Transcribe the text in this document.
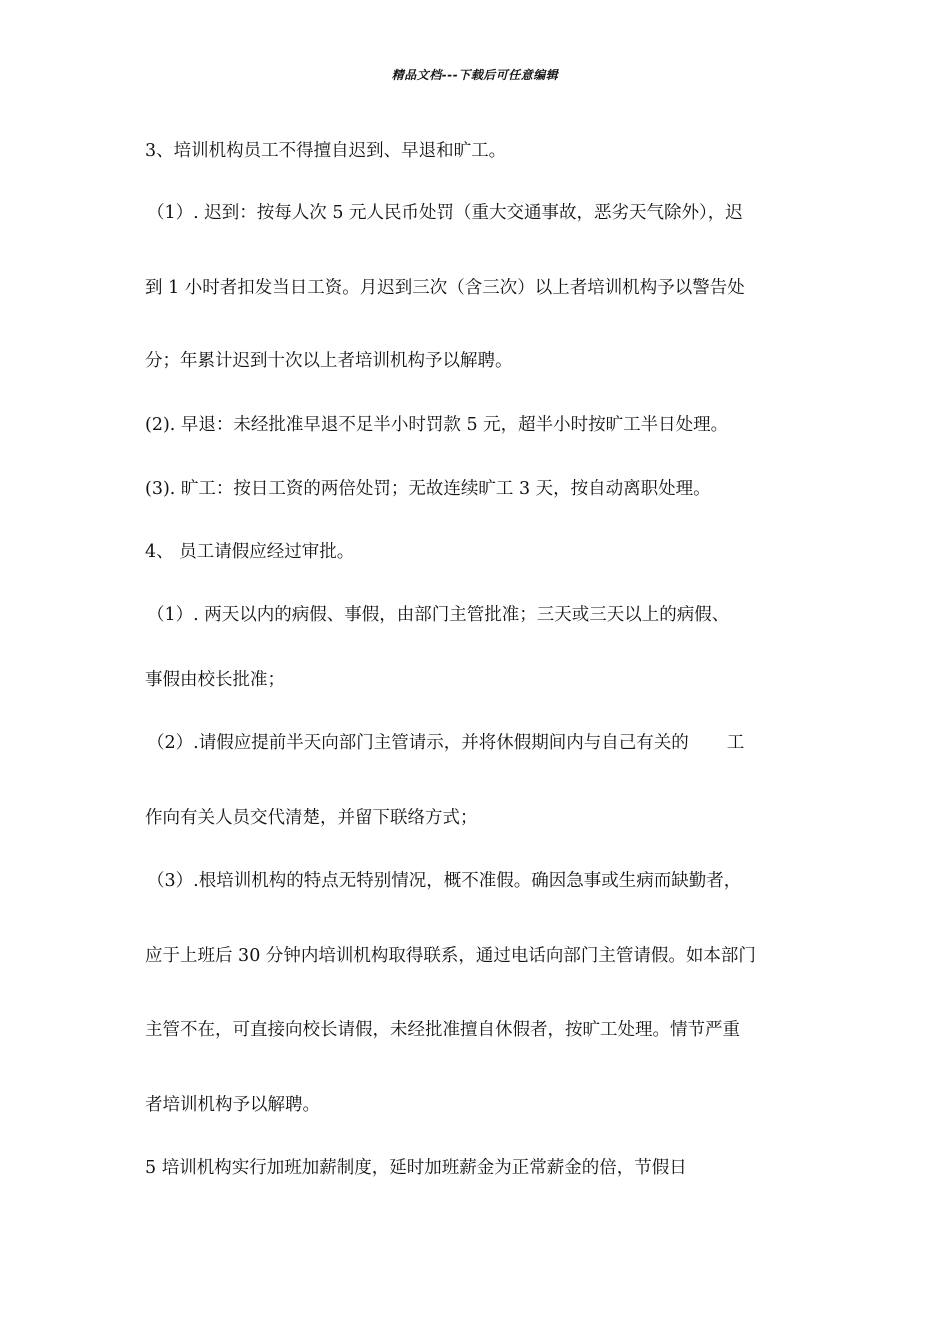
精品文档---下载后可任意编辑
3、培训机构员工不得擅自迟到、早退和旷工。
（1）. 迟到：按每人次 5 元人民币处罚（重大交通事故，恶劣天气除外），迟
到 1 小时者扣发当日工资。月迟到三次（含三次）以上者培训机构予以警告处
分；年累计迟到十次以上者培训机构予以解聘。
(2). 早退：未经批准早退不足半小时罚款 5 元，超半小时按旷工半日处理。
(3). 旷工：按日工资的两倍处罚；无故连续旷工 3 天，按自动离职处理。
4、 员工请假应经过审批。
（1）. 两天以内的病假、事假，由部门主管批准；三天或三天以上的病假、
事假由校长批准；
（2）.请假应提前半天向部门主管请示，并将休假期间内与自己有关的 工
作向有关人员交代清楚，并留下联络方式；
（3）.根培训机构的特点无特别情况，概不准假。确因急事或生病而缺勤者，
应于上班后 30 分钟内培训机构取得联系，通过电话向部门主管请假。如本部门
主管不在，可直接向校长请假，未经批准擅自休假者，按旷工处理。情节严重
者培训机构予以解聘。
5 培训机构实行加班加薪制度，延时加班薪金为正常薪金的倍，节假日
